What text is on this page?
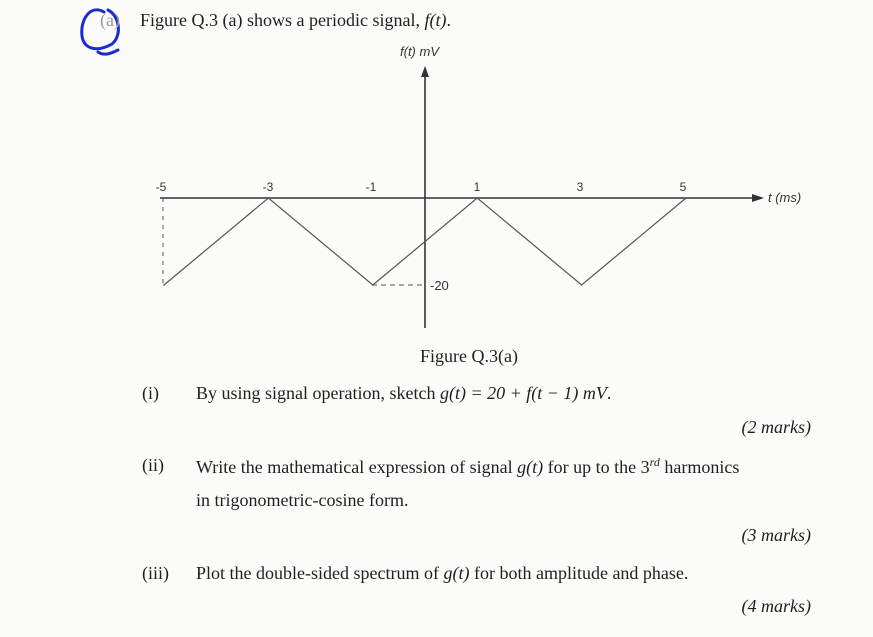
(a) Figure Q.3 (a) shows a periodic signal, f(t).
f(t) mV
t (ms)
-5	-3	-1	1	3	5
-20
Figure Q.3(a)
(i) By using signal operation, sketch g(t) = 20 + f(t − 1) mV.
(2 marks)
(ii) Write the mathematical expression of signal g(t) for up to the 3rd harmonics
in trigonometric-cosine form.
(3 marks)
(iii) Plot the double-sided spectrum of g(t) for both amplitude and phase.
(4 marks)
